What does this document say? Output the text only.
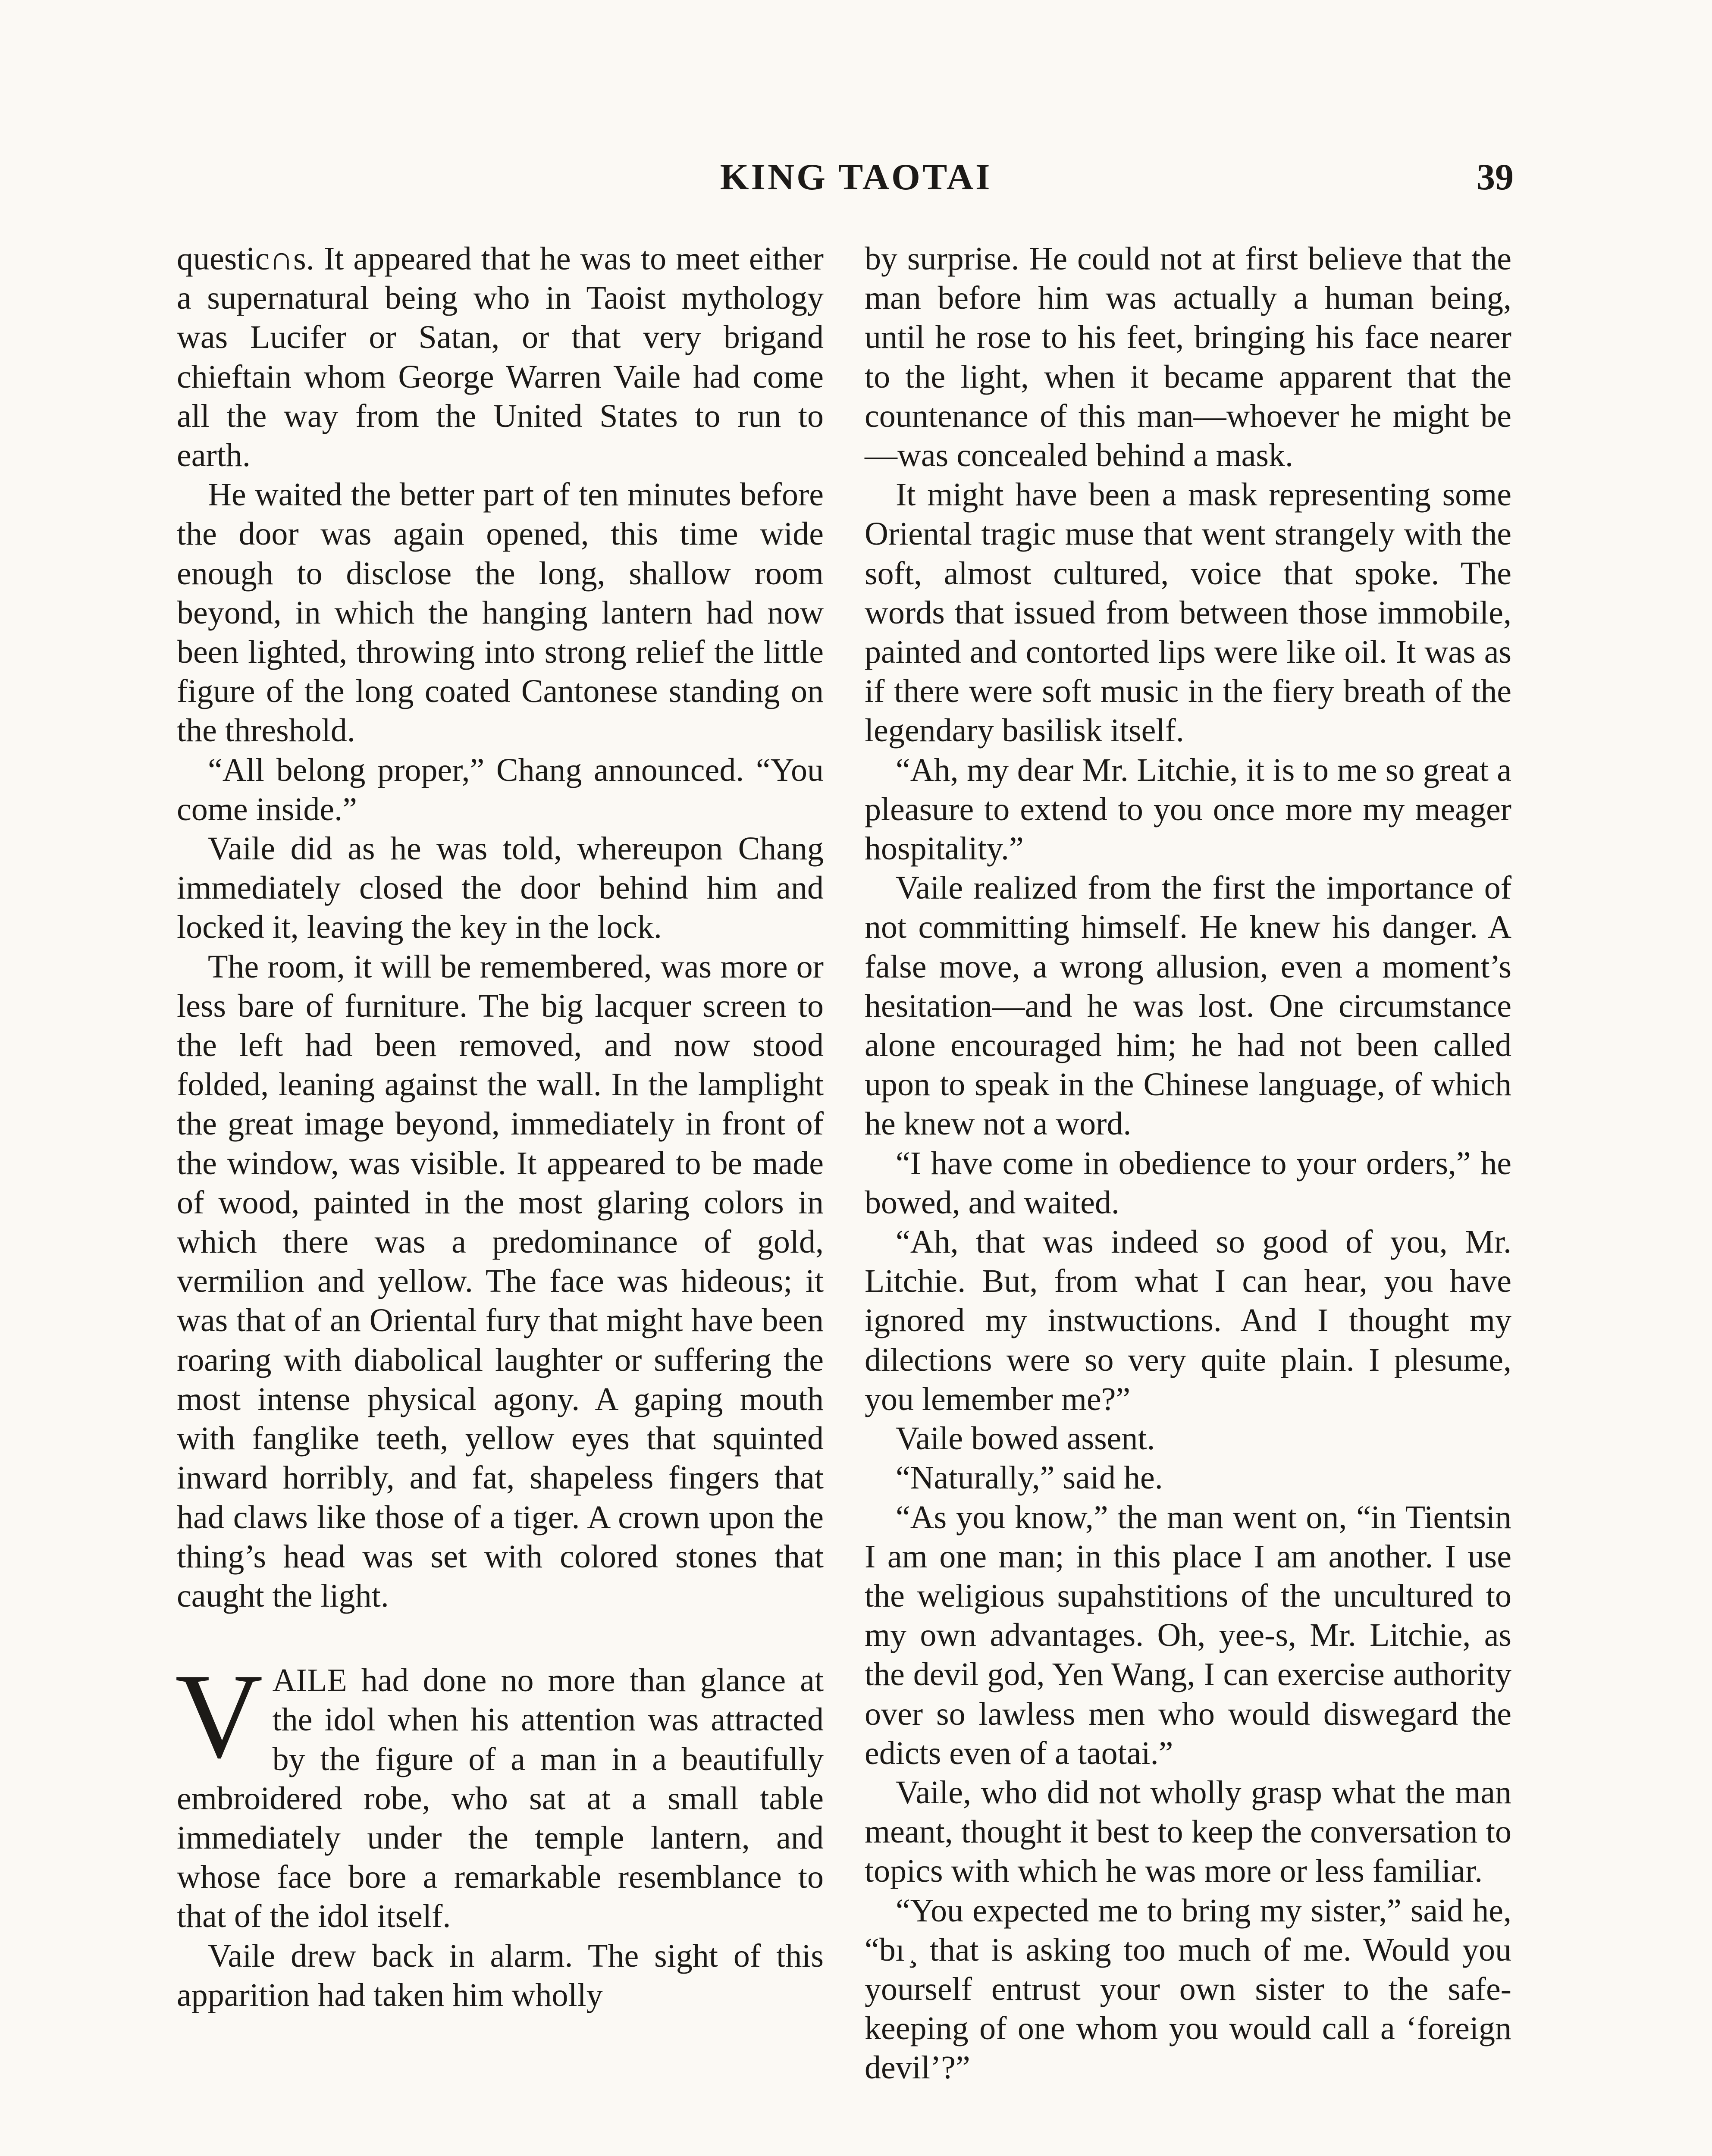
KING TAOTAI	39

questic∩s. It appeared that he was to meet either a supernatural being who in Taoist mythology was Lucifer or Satan, or that very brigand chieftain whom George Warren Vaile had come all the way from the United States to run to earth.

He waited the better part of ten minutes before the door was again opened, this time wide enough to disclose the long, shallow room beyond, in which the hanging lantern had now been lighted, throwing into strong relief the little figure of the long coated Cantonese standing on the threshold.

“All belong proper,” Chang announced. “You come inside.”

Vaile did as he was told, whereupon Chang immediately closed the door behind him and locked it, leaving the key in the lock.

The room, it will be remembered, was more or less bare of furniture. The big lacquer screen to the left had been removed, and now stood folded, leaning against the wall. In the lamplight the great image beyond, immediately in front of the window, was visible. It appeared to be made of wood, painted in the most glaring colors in which there was a predominance of gold, vermilion and yellow. The face was hideous; it was that of an Oriental fury that might have been roaring with diabolical laughter or suffering the most intense physical agony. A gaping mouth with fanglike teeth, yellow eyes that squinted inward horribly, and fat, shapeless fingers that had claws like those of a tiger. A crown upon the thing’s head was set with colored stones that caught the light.

VAILE had done no more than glance at the idol when his attention was attracted by the figure of a man in a beautifully embroidered robe, who sat at a small table immediately under the temple lantern, and whose face bore a remarkable resemblance to that of the idol itself.

Vaile drew back in alarm. The sight of this apparition had taken him wholly

by surprise. He could not at first believe that the man before him was actually a human being, until he rose to his feet, bringing his face nearer to the light, when it became apparent that the countenance of this man—whoever he might be—was concealed behind a mask.

It might have been a mask representing some Oriental tragic muse that went strangely with the soft, almost cultured, voice that spoke. The words that issued from between those immobile, painted and contorted lips were like oil. It was as if there were soft music in the fiery breath of the legendary basilisk itself.

“Ah, my dear Mr. Litchie, it is to me so great a pleasure to extend to you once more my meager hospitality.”

Vaile realized from the first the importance of not committing himself. He knew his danger. A false move, a wrong allusion, even a moment’s hesitation—and he was lost. One circumstance alone encouraged him; he had not been called upon to speak in the Chinese language, of which he knew not a word.

“I have come in obedience to your orders,” he bowed, and waited.

“Ah, that was indeed so good of you, Mr. Litchie. But, from what I can hear, you have ignored my instwuctions. And I thought my dilections were so very quite plain. I plesume, you lemember me?”

Vaile bowed assent.

“Naturally,” said he.

“As you know,” the man went on, “in Tientsin I am one man; in this place I am another. I use the weligious supahstitions of the uncultured to my own advantages. Oh, yee-s, Mr. Litchie, as the devil god, Yen Wang, I can exercise authority over so lawless men who would diswegard the edicts even of a taotai.”

Vaile, who did not wholly grasp what the man meant, thought it best to keep the conversation to topics with which he was more or less familiar.

“You expected me to bring my sister,” said he, “bı ̧ that is asking too much of me. Would you yourself entrust your own sister to the safe-keeping of one whom you would call a ‘foreign devil’?”
